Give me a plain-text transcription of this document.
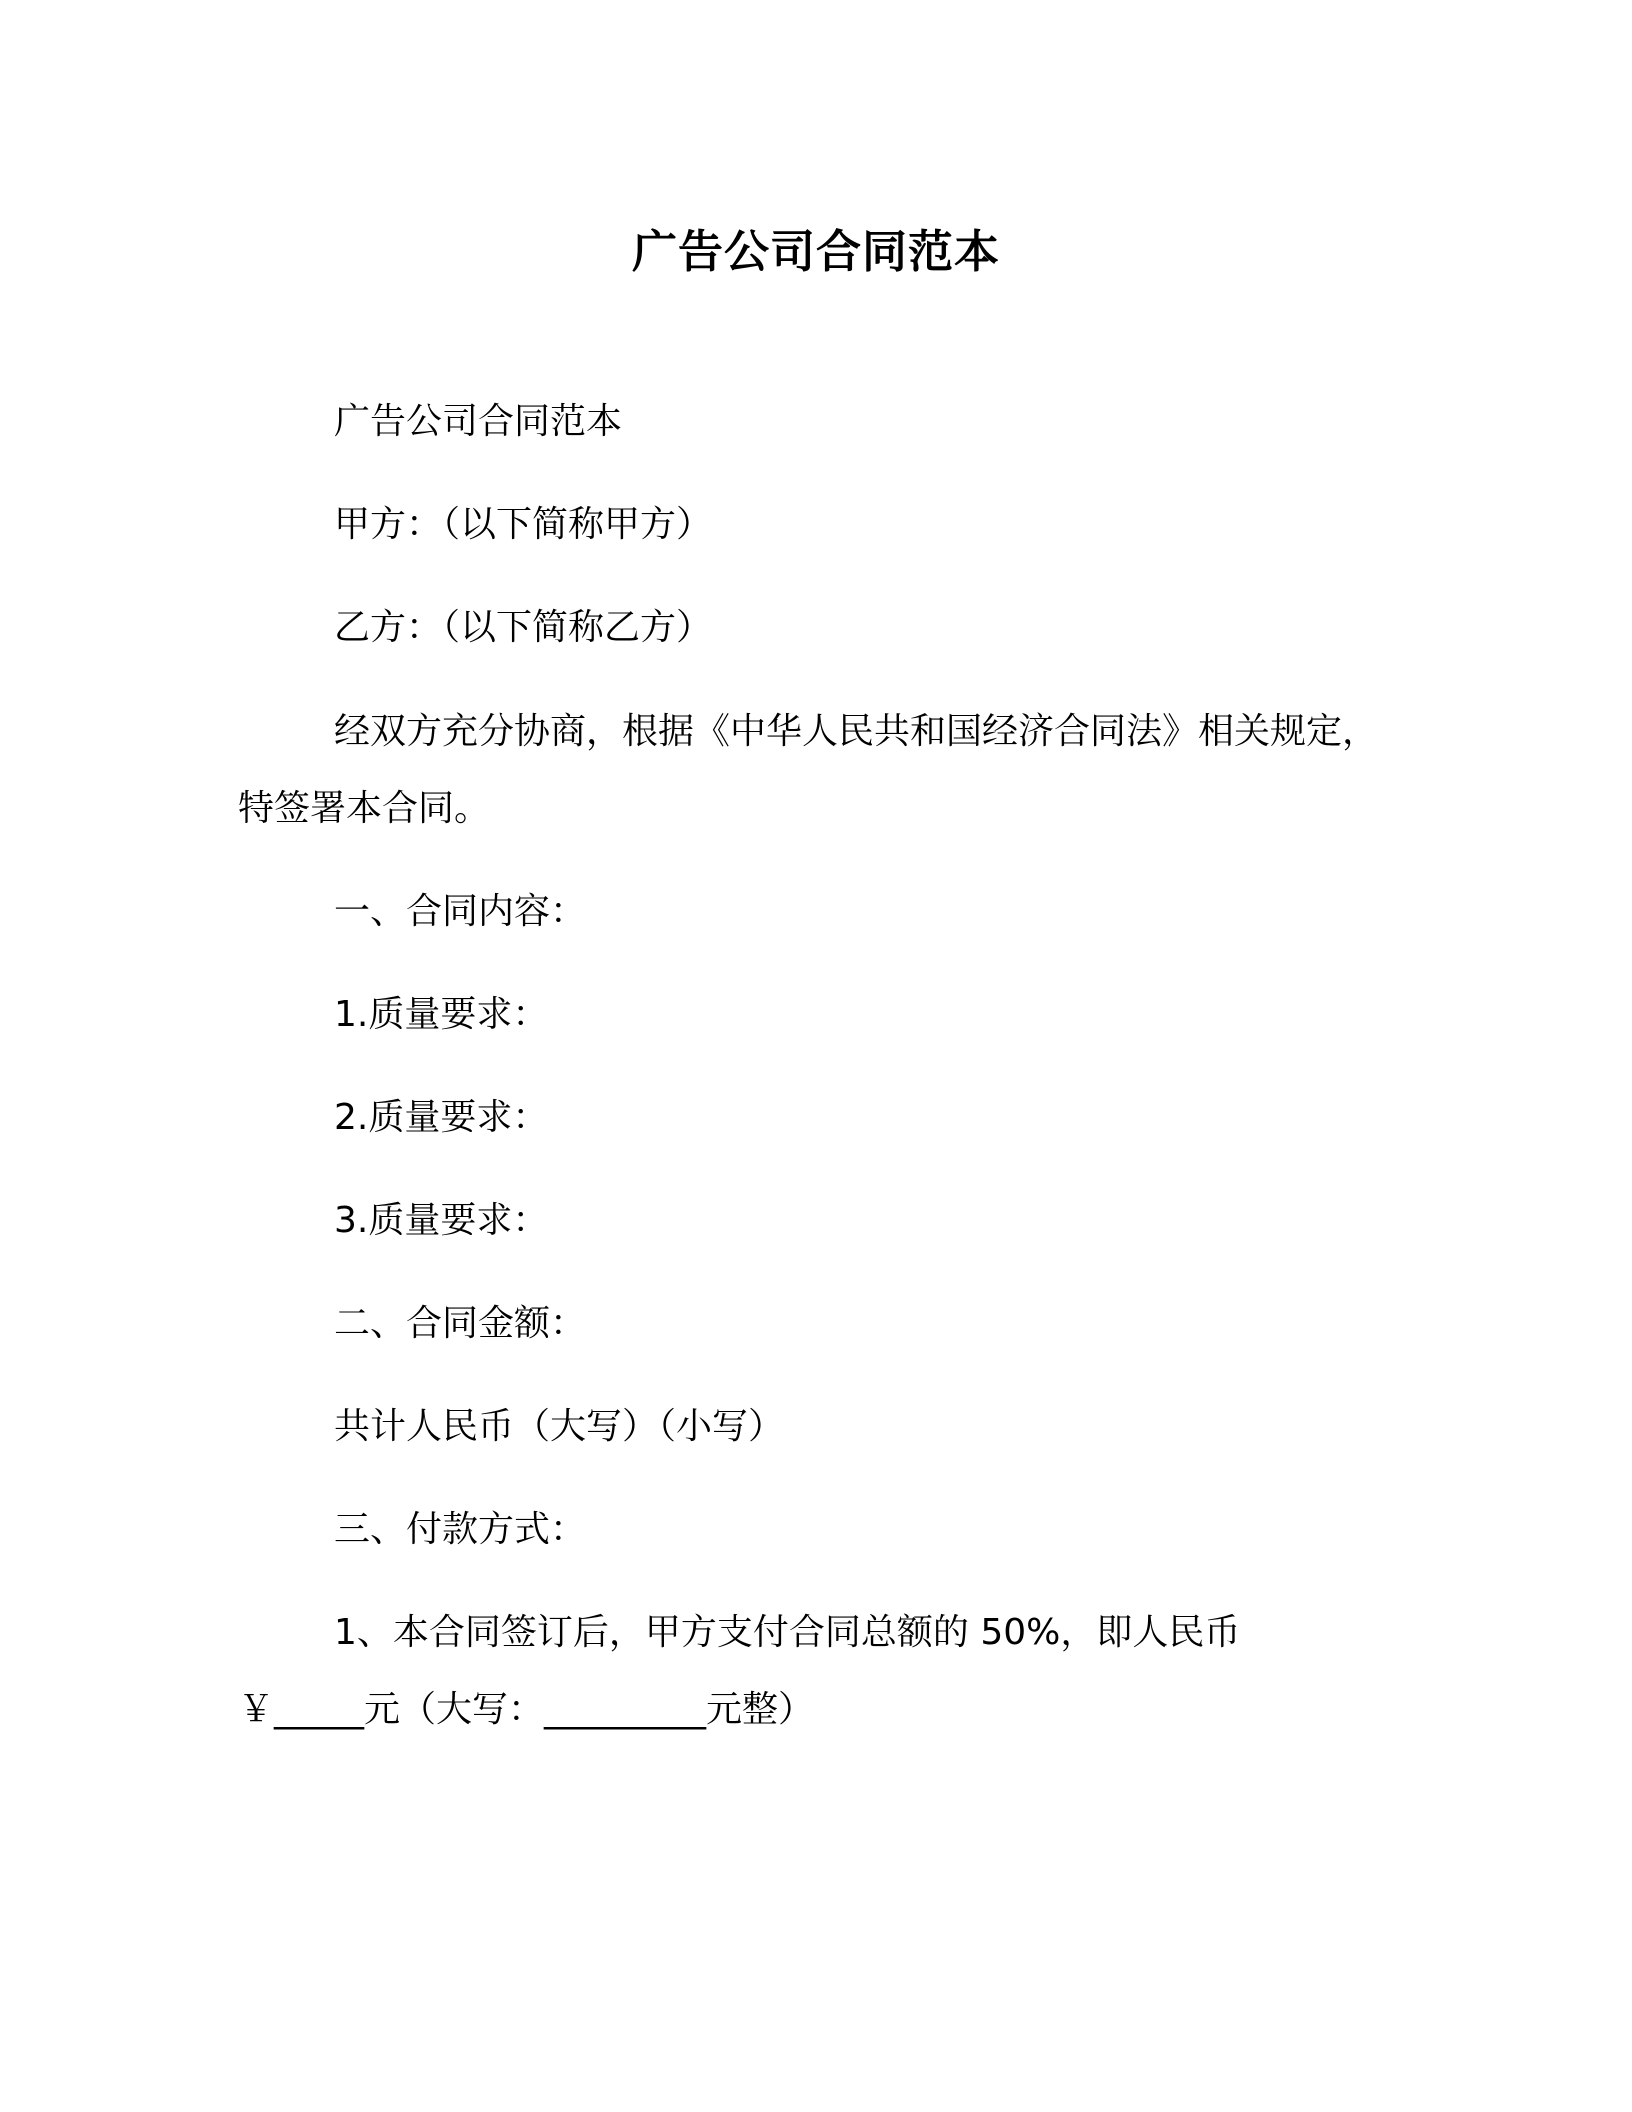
广告公司合同范本
广告公司合同范本
甲方：（以下简称甲方）
乙方：（以下简称乙方）
经双方充分协商，根据《中华人民共和国经济合同法》相关规定，
特签署本合同。
一、合同内容：
1.质量要求：
2.质量要求：
3.质量要求：
二、合同金额：
共计人民币（大写）（小写）
三、付款方式：
1、本合同签订后，甲方支付合同总额的 50%，即人民币
￥_____元（大写：_________元整）
